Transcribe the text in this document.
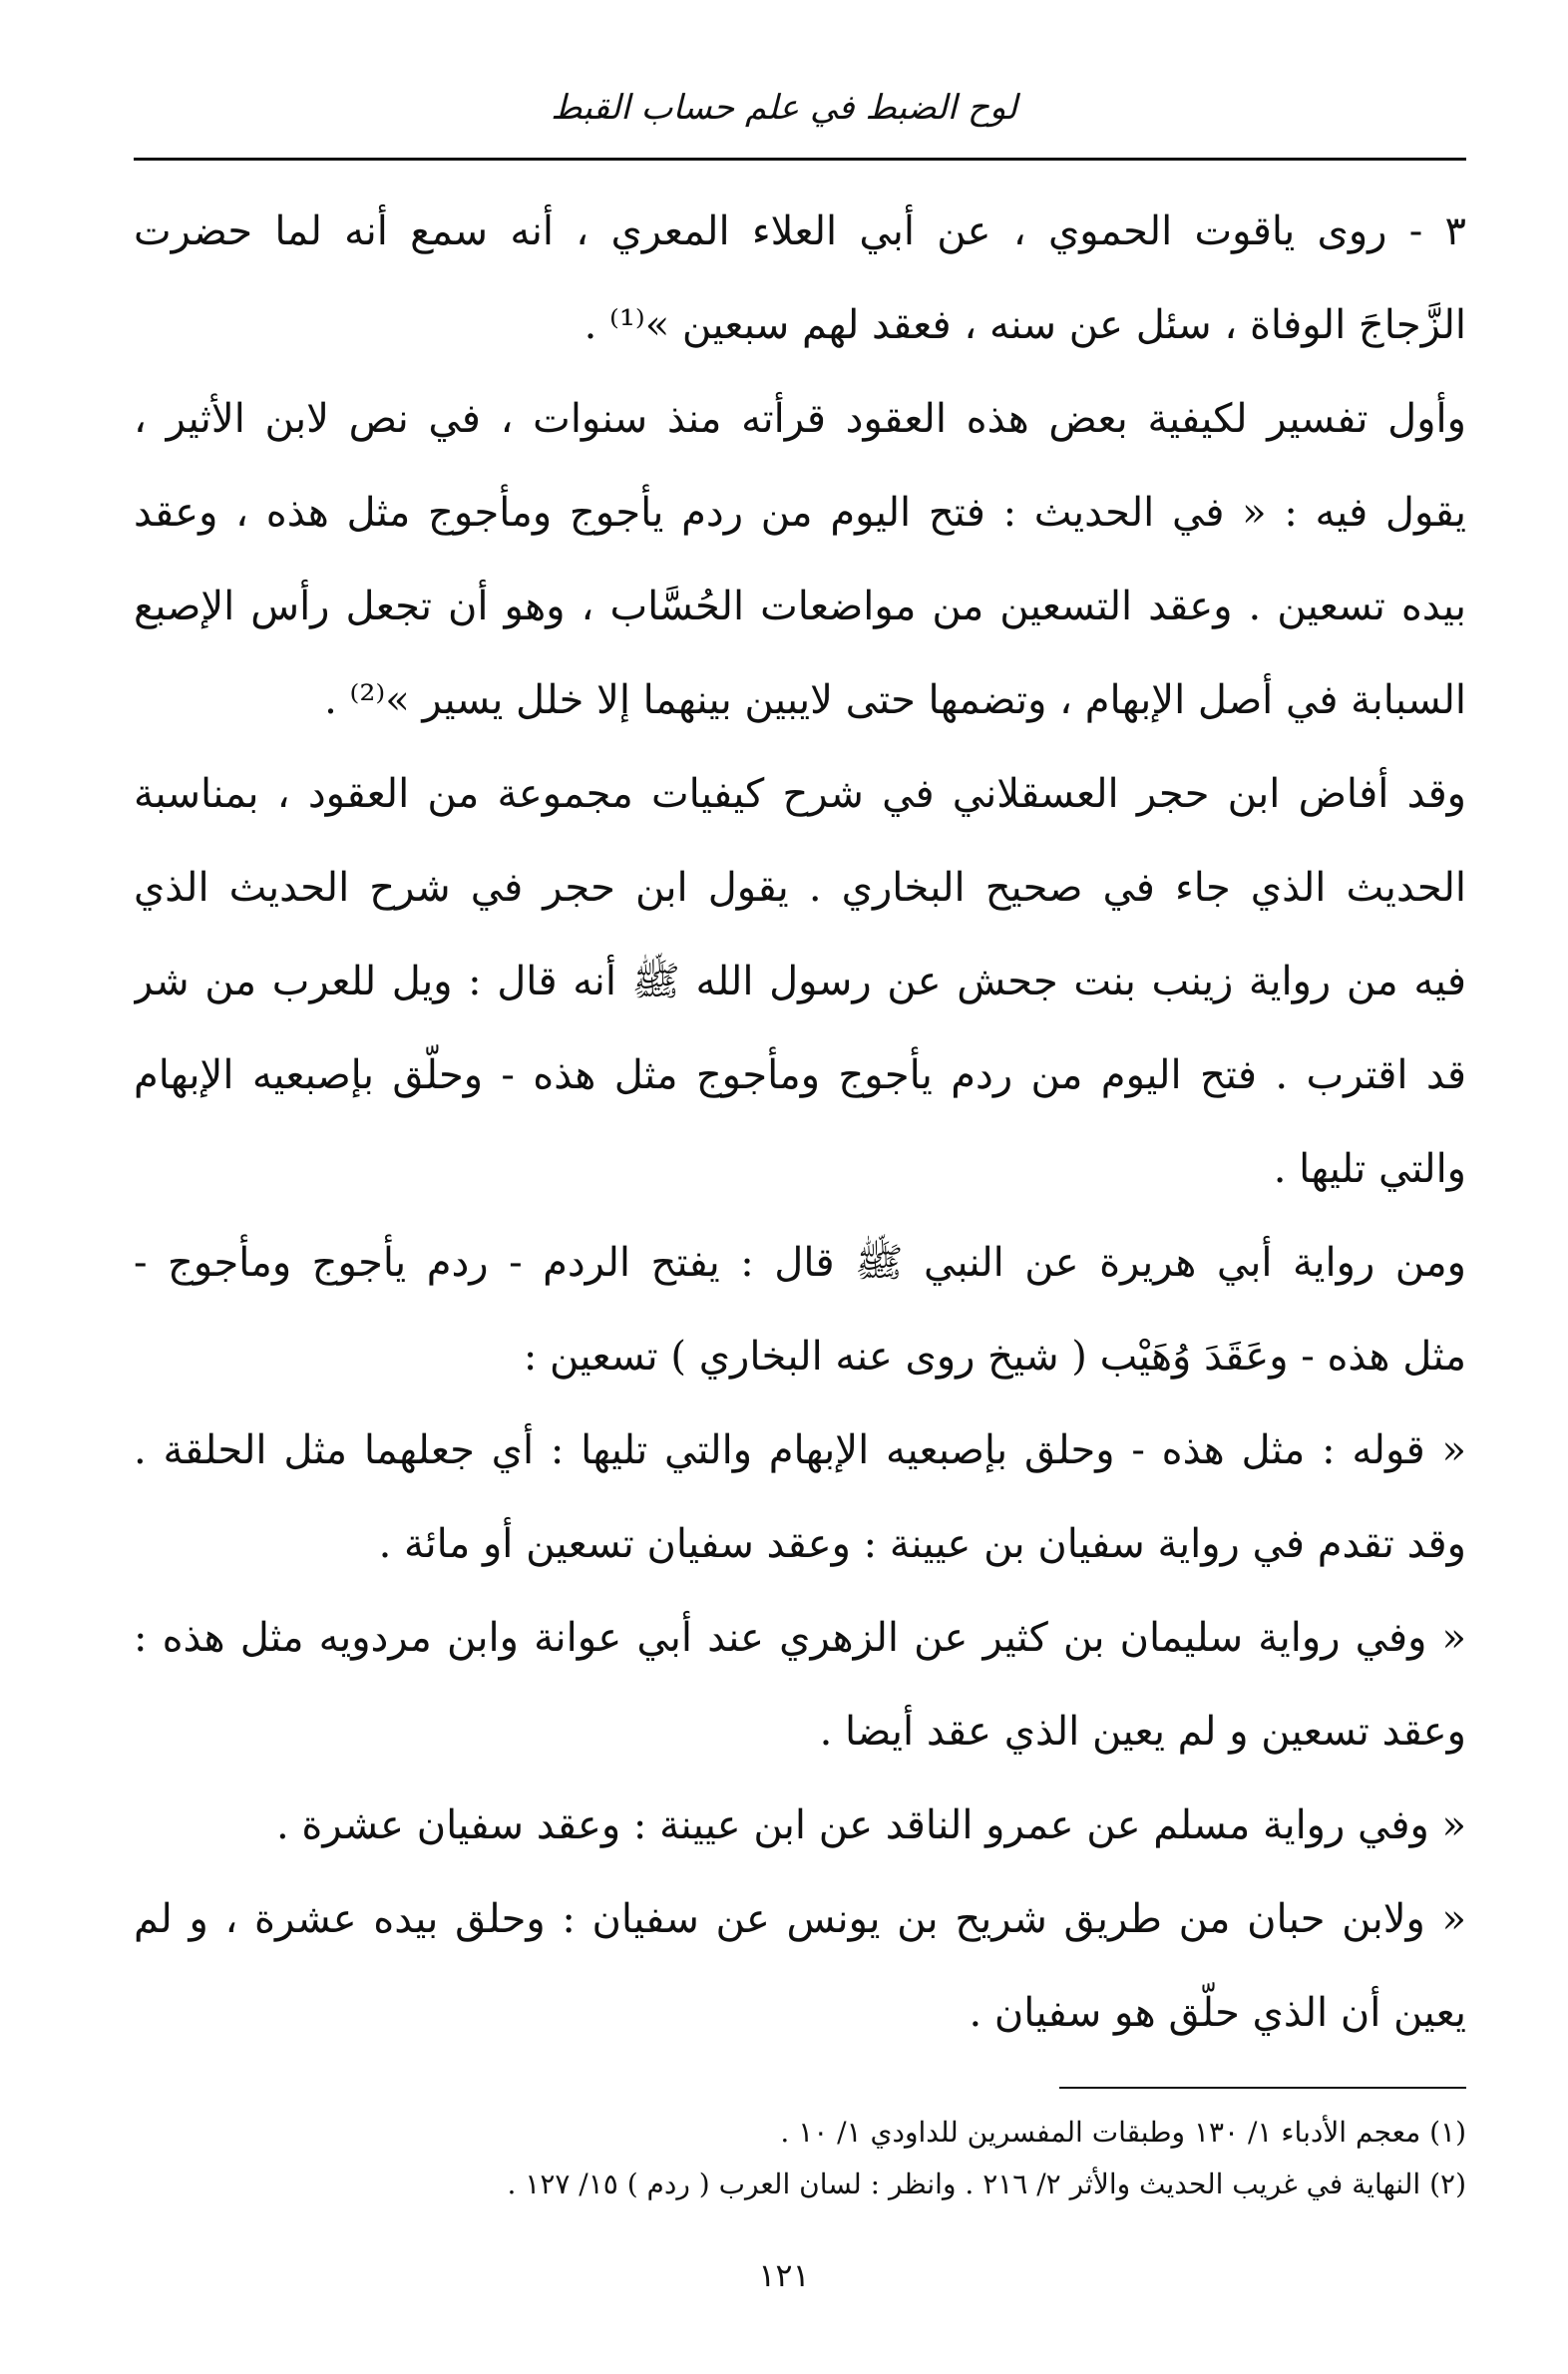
لوح الضبط في علم حساب القبط
٣ - روى ياقوت الحموي ، عن أبي العلاء المعري ، أنه سمع أنه لما حضرت
الزَّجاجَ الوفاة ، سئل عن سنه ، فعقد لهم سبعين »⁽¹⁾ .
وأول تفسير لكيفية بعض هذه العقود قرأته منذ سنوات ، في نص لابن الأثير ،
يقول فيه : « في الحديث : فتح اليوم من ردم يأجوج ومأجوج مثل هذه ، وعقد
بيده تسعين . وعقد التسعين من مواضعات الحُسَّاب ، وهو أن تجعل رأس الإصبع
السبابة في أصل الإبهام ، وتضمها حتى لايبين بينهما إلا خلل يسير »⁽²⁾ .
وقد أفاض ابن حجر العسقلاني في شرح كيفيات مجموعة من العقود ، بمناسبة
الحديث الذي جاء في صحيح البخاري . يقول ابن حجر في شرح الحديث الذي
فيه من رواية زينب بنت جحش عن رسول الله ﷺ أنه قال : ويل للعرب من شر
قد اقترب . فتح اليوم من ردم يأجوج ومأجوج مثل هذه - وحلّق بإصبعيه الإبهام
والتي تليها .
ومن رواية أبي هريرة عن النبي ﷺ قال : يفتح الردم - ردم يأجوج ومأجوج -
مثل هذه - وعَقَدَ وُهَيْب ( شيخ روى عنه البخاري ) تسعين :
« قوله : مثل هذه - وحلق بإصبعيه الإبهام والتي تليها : أي جعلهما مثل الحلقة .
وقد تقدم في رواية سفيان بن عيينة : وعقد سفيان تسعين أو مائة .
« وفي رواية سليمان بن كثير عن الزهري عند أبي عوانة وابن مردويه مثل هذه :
وعقد تسعين و لم يعين الذي عقد أيضا .
« وفي رواية مسلم عن عمرو الناقد عن ابن عيينة : وعقد سفيان عشرة .
« ولابن حبان من طريق شريح بن يونس عن سفيان : وحلق بيده عشرة ، و لم
يعين أن الذي حلّق هو سفيان .
(١) معجم الأدباء ١/ ١٣٠ وطبقات المفسرين للداودي ١/ ١٠ .
(٢) النهاية في غريب الحديث والأثر ٢/ ٢١٦ . وانظر : لسان العرب ( ردم ) ١٥/ ١٢٧ .
١٢١
